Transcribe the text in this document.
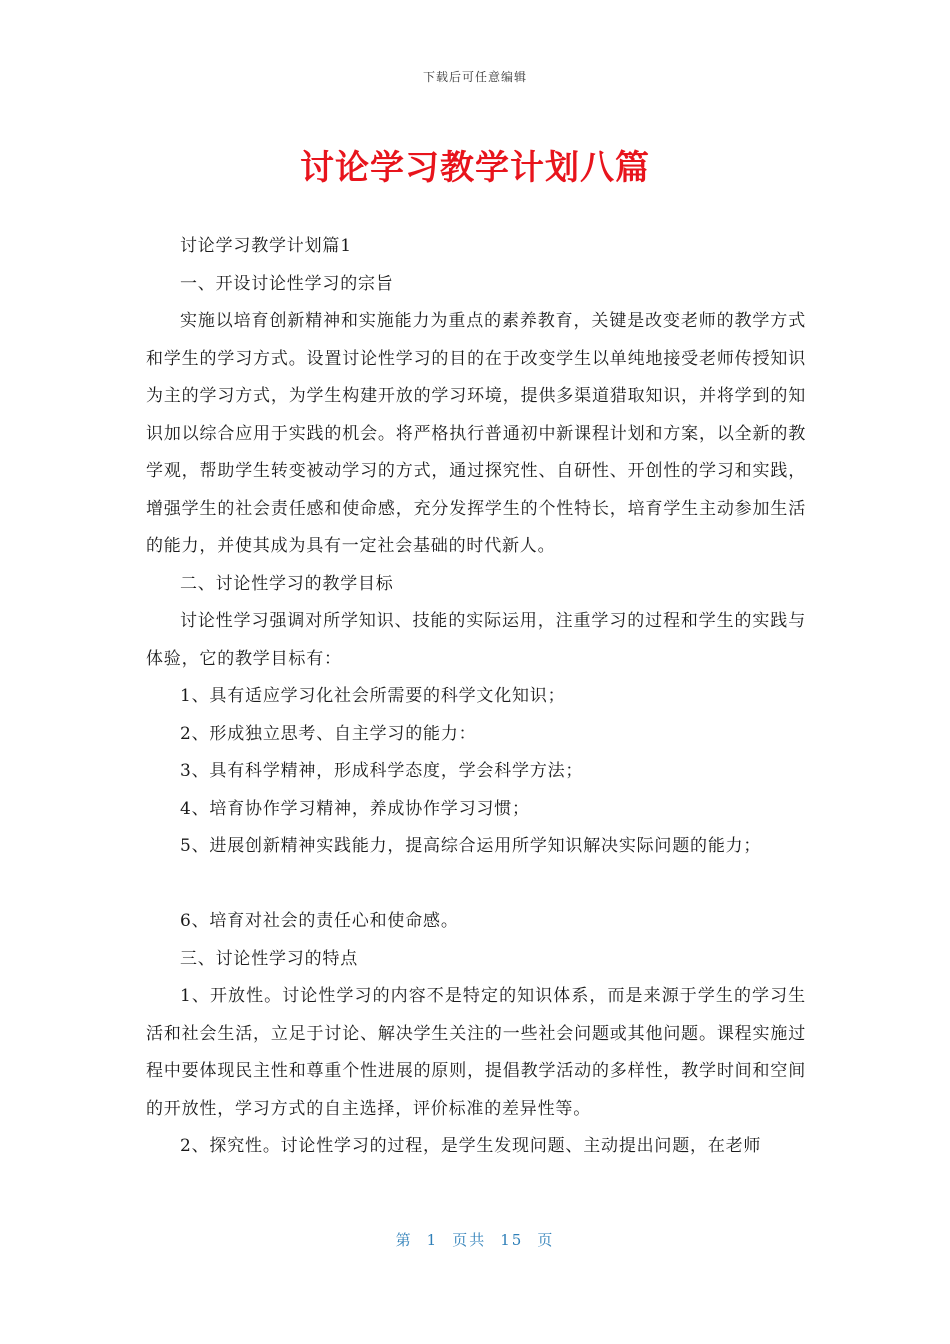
下载后可任意编辑
讨论学习教学计划八篇

讨论学习教学计划篇1

一、开设讨论性学习的宗旨

实施以培育创新精神和实施能力为重点的素养教育，关键是改变老师的教学方式和学生的学习方式。设置讨论性学习的目的在于改变学生以单纯地接受老师传授知识为主的学习方式，为学生构建开放的学习环境，提供多渠道猎取知识，并将学到的知识加以综合应用于实践的机会。将严格执行普通初中新课程计划和方案，以全新的教学观，帮助学生转变被动学习的方式，通过探究性、自研性、开创性的学习和实践，增强学生的社会责任感和使命感，充分发挥学生的个性特长，培育学生主动参加生活的能力，并使其成为具有一定社会基础的时代新人。

二、讨论性学习的教学目标

讨论性学习强调对所学知识、技能的实际运用，注重学习的过程和学生的实践与体验，它的教学目标有：

1、具有适应学习化社会所需要的科学文化知识；

2、形成独立思考、自主学习的能力：

3、具有科学精神，形成科学态度，学会科学方法；

4、培育协作学习精神，养成协作学习习惯；

5、进展创新精神实践能力，提高综合运用所学知识解决实际问题的能力；

6、培育对社会的责任心和使命感。

三、讨论性学习的特点

1、开放性。讨论性学习的内容不是特定的知识体系，而是来源于学生的学习生活和社会生活，立足于讨论、解决学生关注的一些社会问题或其他问题。课程实施过程中要体现民主性和尊重个性进展的原则，提倡教学活动的多样性，教学时间和空间的开放性，学习方式的自主选择，评价标准的差异性等。

2、探究性。讨论性学习的过程，是学生发现问题、主动提出问题，在老师

第 1 页共 15 页
